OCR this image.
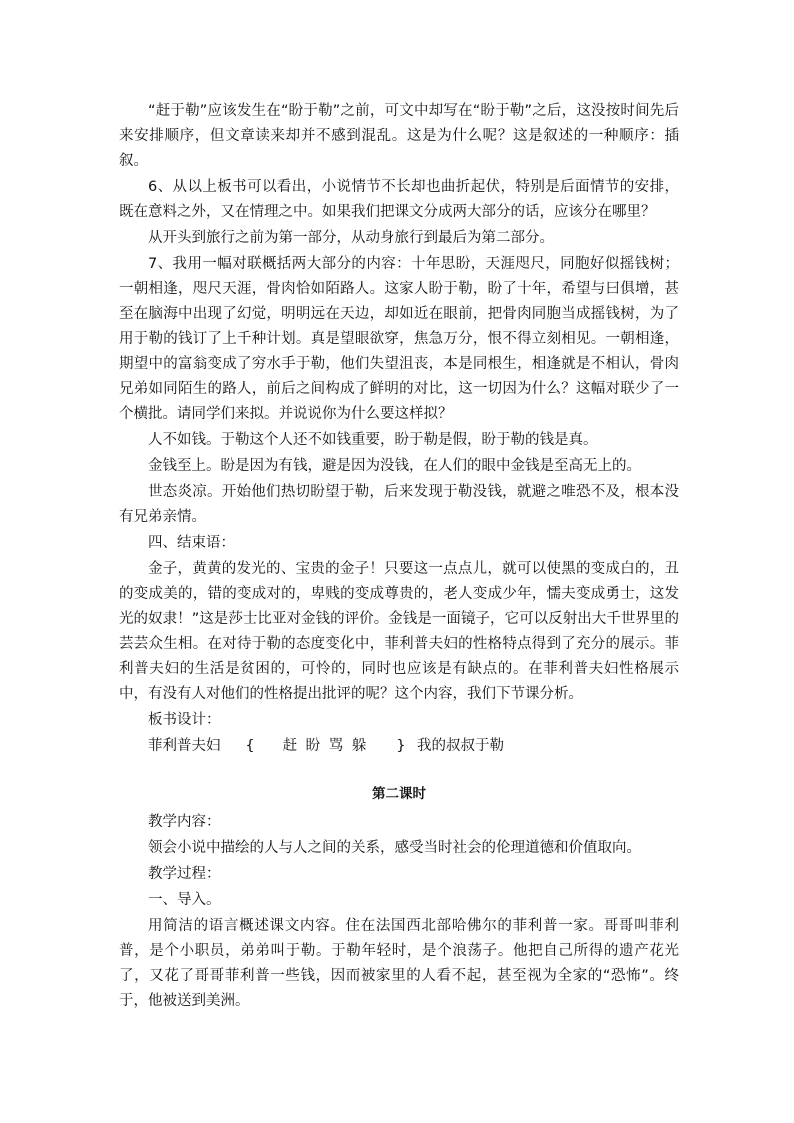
“赶于勒”应该发生在“盼于勒”之前，可文中却写在“盼于勒”之后，这没按时间先后来安排顺序，但文章读来却并不感到混乱。这是为什么呢？这是叙述的一种顺序：插叙。

6、从以上板书可以看出，小说情节不长却也曲折起伏，特别是后面情节的安排，既在意料之外，又在情理之中。如果我们把课文分成两大部分的话，应该分在哪里？

从开头到旅行之前为第一部分，从动身旅行到最后为第二部分。

7、我用一幅对联概括两大部分的内容：十年思盼，天涯咫尺，同胞好似摇钱树；一朝相逢，咫尺天涯，骨肉恰如陌路人。这家人盼于勒，盼了十年，希望与曰俱增，甚至在脑海中出现了幻觉，明明远在天边，却如近在眼前，把骨肉同胞当成摇钱树，为了用于勒的钱订了上千种计划。真是望眼欲穿，焦急万分，恨不得立刻相见。一朝相逢，期望中的富翁变成了穷水手于勒，他们失望沮丧，本是同根生，相逢就是不相认，骨肉兄弟如同陌生的路人，前后之间构成了鲜明的对比，这一切因为什么？这幅对联少了一个横批。请同学们来拟。并说说你为什么要这样拟？

人不如钱。于勒这个人还不如钱重要，盼于勒是假，盼于勒的钱是真。

金钱至上。盼是因为有钱，避是因为没钱，在人们的眼中金钱是至高无上的。

世态炎凉。开始他们热切盼望于勒，后来发现于勒没钱，就避之唯恐不及，根本没有兄弟亲情。

四、结束语：

金子，黄黄的发光的、宝贵的金子！只要这一点点儿，就可以使黑的变成白的，丑的变成美的，错的变成对的，卑贱的变成尊贵的，老人变成少年，懦夫变成勇士，这发光的奴隶！”这是莎士比亚对金钱的评价。金钱是一面镜子，它可以反射出大千世界里的芸芸众生相。在对待于勒的态度变化中，菲利普夫妇的性格特点得到了充分的展示。菲利普夫妇的生活是贫困的，可怜的，同时也应该是有缺点的。在菲利普夫妇性格展示中，有没有人对他们的性格提出批评的呢？这个内容，我们下节课分析。

板书设计：

菲利普夫妇	{	赶 盼 骂 躲	} 我的叔叔于勒
第二课时

教学内容：

领会小说中描绘的人与人之间的关系，感受当时社会的伦理道德和价值取向。

教学过程：

一、导入。

用简洁的语言概述课文内容。住在法国西北部哈佛尔的菲利普一家。哥哥叫菲利普，是个小职员，弟弟叫于勒。于勒年轻时，是个浪荡子。他把自己所得的遗产花光了，又花了哥哥菲利普一些钱，因而被家里的人看不起，甚至视为全家的“恐怖”。终于，他被送到美洲。
